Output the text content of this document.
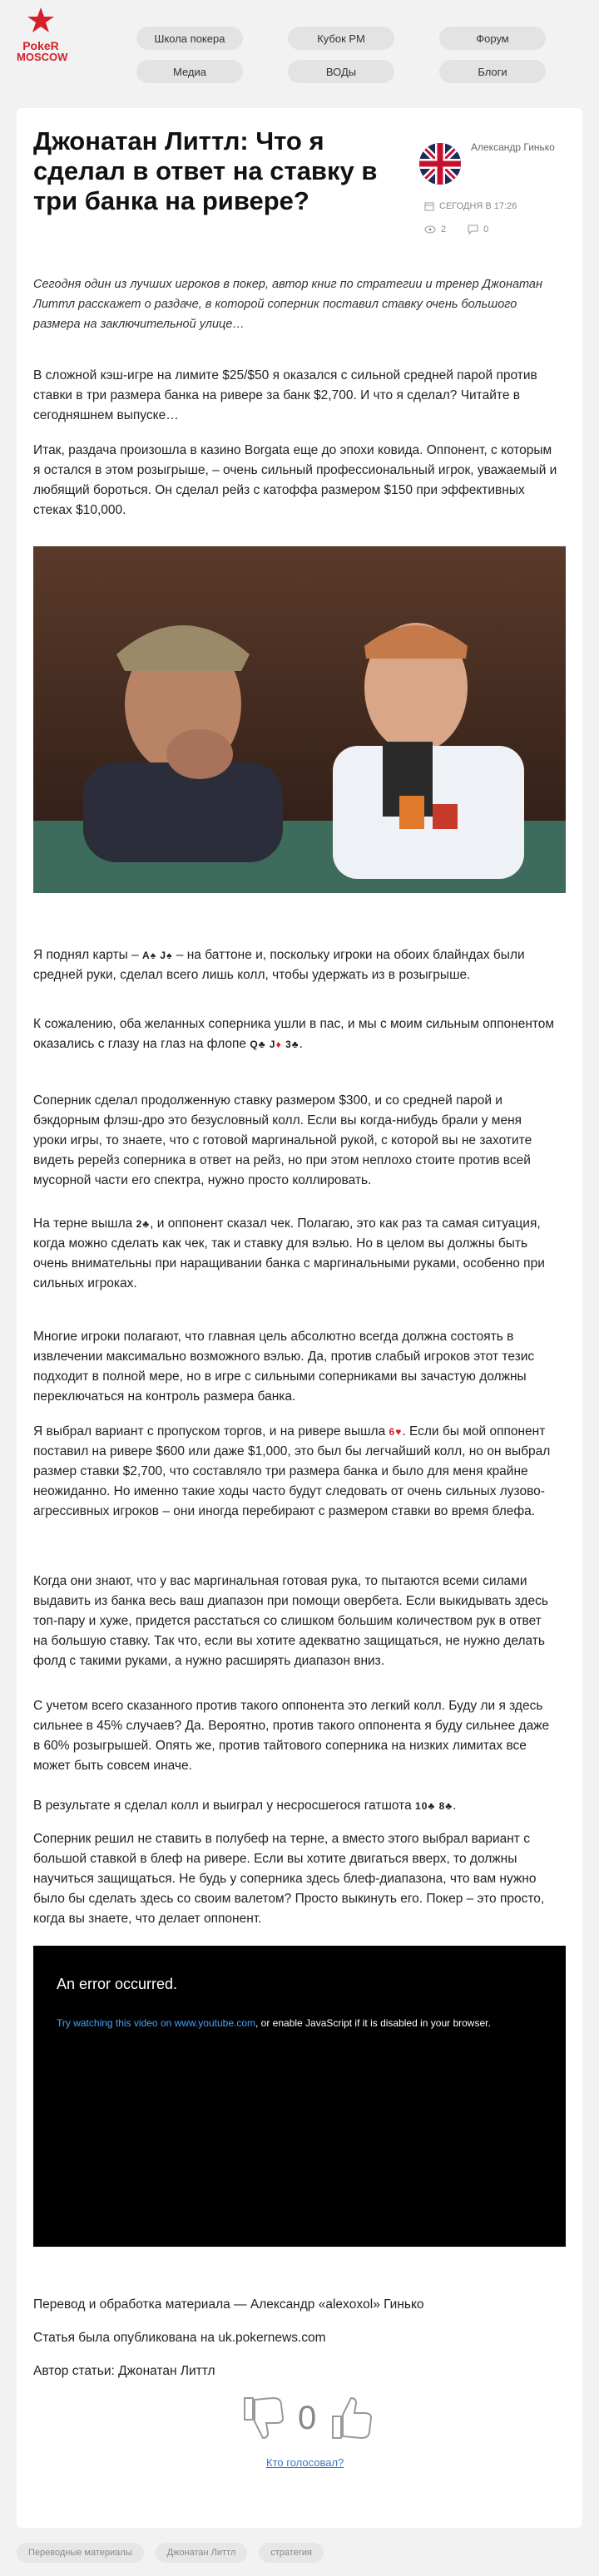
PokeR
MOSCOW
Школа покера	Кубок РМ	Форум
Медиа	ВОДы	Блоги
Джонатан Литтл: Что я сделал в ответ на ставку в три банка на ривере?
Александр Гинько
СЕГОДНЯ В 17:26
2	0

Сегодня один из лучших игроков в покер, автор книг по стратегии и тренер Джонатан Литтл расскажет о раздаче, в которой соперник поставил ставку очень большого размера на заключительной улице…

В сложной кэш-игре на лимите $25/$50 я оказался с сильной средней парой против ставки в три размера банка на ривере за банк $2,700. И что я сделал? Читайте в сегодняшнем выпуске…

Итак, раздача произошла в казино Borgata еще до эпохи ковида. Оппонент, с которым я остался в этом розыгрыше, – очень сильный профессиональный игрок, уважаемый и любящий бороться. Он сделал рейз с катоффа размером $150 при эффективных стеках $10,000.

Я поднял карты – A♠ J♠ – на баттоне и, поскольку игроки на обоих блайндах были средней руки, сделал всего лишь колл, чтобы удержать из в розыгрыше.

К сожалению, оба желанных соперника ушли в пас, и мы с моим сильным оппонентом оказались с глазу на глаз на флопе Q♣ J♦ 3♣.

Соперник сделал продолженную ставку размером $300, и со средней парой и бэкдорным флэш-дро это безусловный колл. Если вы когда-нибудь брали у меня уроки игры, то знаете, что с готовой маргинальной рукой, с которой вы не захотите видеть ререйз соперника в ответ на рейз, но при этом неплохо стоите против всей мусорной части его спектра, нужно просто коллировать.

На терне вышла 2♣, и оппонент сказал чек. Полагаю, это как раз та самая ситуация, когда можно сделать как чек, так и ставку для вэлью. Но в целом вы должны быть очень внимательны при наращивании банка с маргинальными руками, особенно при сильных игроках.

Многие игроки полагают, что главная цель абсолютно всегда должна состоять в извлечении максимально возможного вэлью. Да, против слабый игроков этот тезис подходит в полной мере, но в игре с сильными соперниками вы зачастую должны переключаться на контроль размера банка.

Я выбрал вариант с пропуском торгов, и на ривере вышла 6♥. Если бы мой оппонент поставил на ривере $600 или даже $1,000, это был бы легчайший колл, но он выбрал размер ставки $2,700, что составляло три размера банка и было для меня крайне неожиданно. Но именно такие ходы часто будут следовать от очень сильных лузово-агрессивных игроков – они иногда перебирают с размером ставки во время блефа.

Когда они знают, что у вас маргинальная готовая рука, то пытаются всеми силами выдавить из банка весь ваш диапазон при помощи овербета. Если выкидывать здесь топ-пару и хуже, придется расстаться со слишком большим количеством рук в ответ на большую ставку. Так что, если вы хотите адекватно защищаться, не нужно делать фолд с такими руками, а нужно расширять диапазон вниз.

С учетом всего сказанного против такого оппонента это легкий колл. Буду ли я здесь сильнее в 45% случаев? Да. Вероятно, против такого оппонента я буду сильнее даже в 60% розыгрышей. Опять же, против тайтового соперника на низких лимитах все может быть совсем иначе.

В результате я сделал колл и выиграл у несросшегося гатшота 10♣ 8♣.

Соперник решил не ставить в полубеф на терне, а вместо этого выбрал вариант с большой ставкой в блеф на ривере. Если вы хотите двигаться вверх, то должны научиться защищаться. Не будь у соперника здесь блеф-диапазона, что вам нужно было бы сделать здесь со своим валетом? Просто выкинуть его. Покер – это просто, когда вы знаете, что делает оппонент.

An error occurred.
Try watching this video on www.youtube.com, or enable JavaScript if it is disabled in your browser.

Перевод и обработка материала — Александр «alexoxol» Гинько

Статья была опубликована на uk.pokernews.com

Автор статьи: Джонатан Литтл

0
Кто голосовал?
Переводные материалы	Джонатан Литтл	стратегия
